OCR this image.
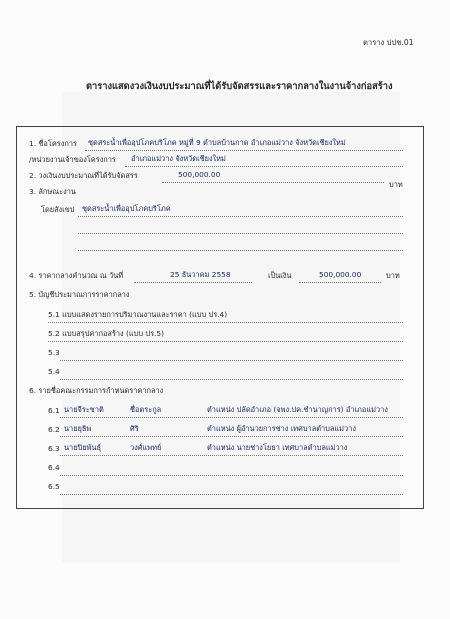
ตาราง ปปช.01
ตารางแสดงวงเงินงบประมาณที่ได้รับจัดสรรและราคากลางในงานจ้างก่อสร้าง
1. ชื่อโครงการ ชุดสระน้ำเพื่ออุปโภคบริโภค หมู่ที่ 9 ตำบลบ้านกาด อำเภอแม่วาง จังหวัดเชียงใหม่
/หน่วยงานเจ้าของโครงการ อำเภอแม่วาง จังหวัดเชียงใหม่
2. วงเงินงบประมาณที่ได้รับจัดสรร	500,000.00
บาท
3. ลักษณะงาน
โดยสังเขป ชุดสระน้ำเพื่ออุปโภคบริโภค
4. ราคากลางคำนวณ ณ วันที่	25 ธันวาคม 2558	เป็นเงิน	500,000.00	บาท
5. บัญชีประมาณการราคากลาง
5.1 แบบแสดงรายการปริมาณงานและราคา (แบบ ปร.4)
5.2 แบบสรุปค่าก่อสร้าง (แบบ ปร.5)
5.3
5.4
6. รายชื่อคณะกรรมการกำหนดราคากลาง
6.1 นายจีระชาติ	ชื่อตระกูล	ตำแหน่ง ปลัดอำเภอ (จพง.ปค.ชำนาญการ) อำเภอแม่วาง
6.2 นายยุธิพ	ศิริ	ตำแหน่ง ผู้อำนวยการช่าง เทศบาลตำบลแม่วาง
6.3 นายปิยพันธุ์	วงศ์แพทย์	ตำแหน่ง นายช่างโยธา เทศบาลตำบลแม่วาง
6.4
6.5
